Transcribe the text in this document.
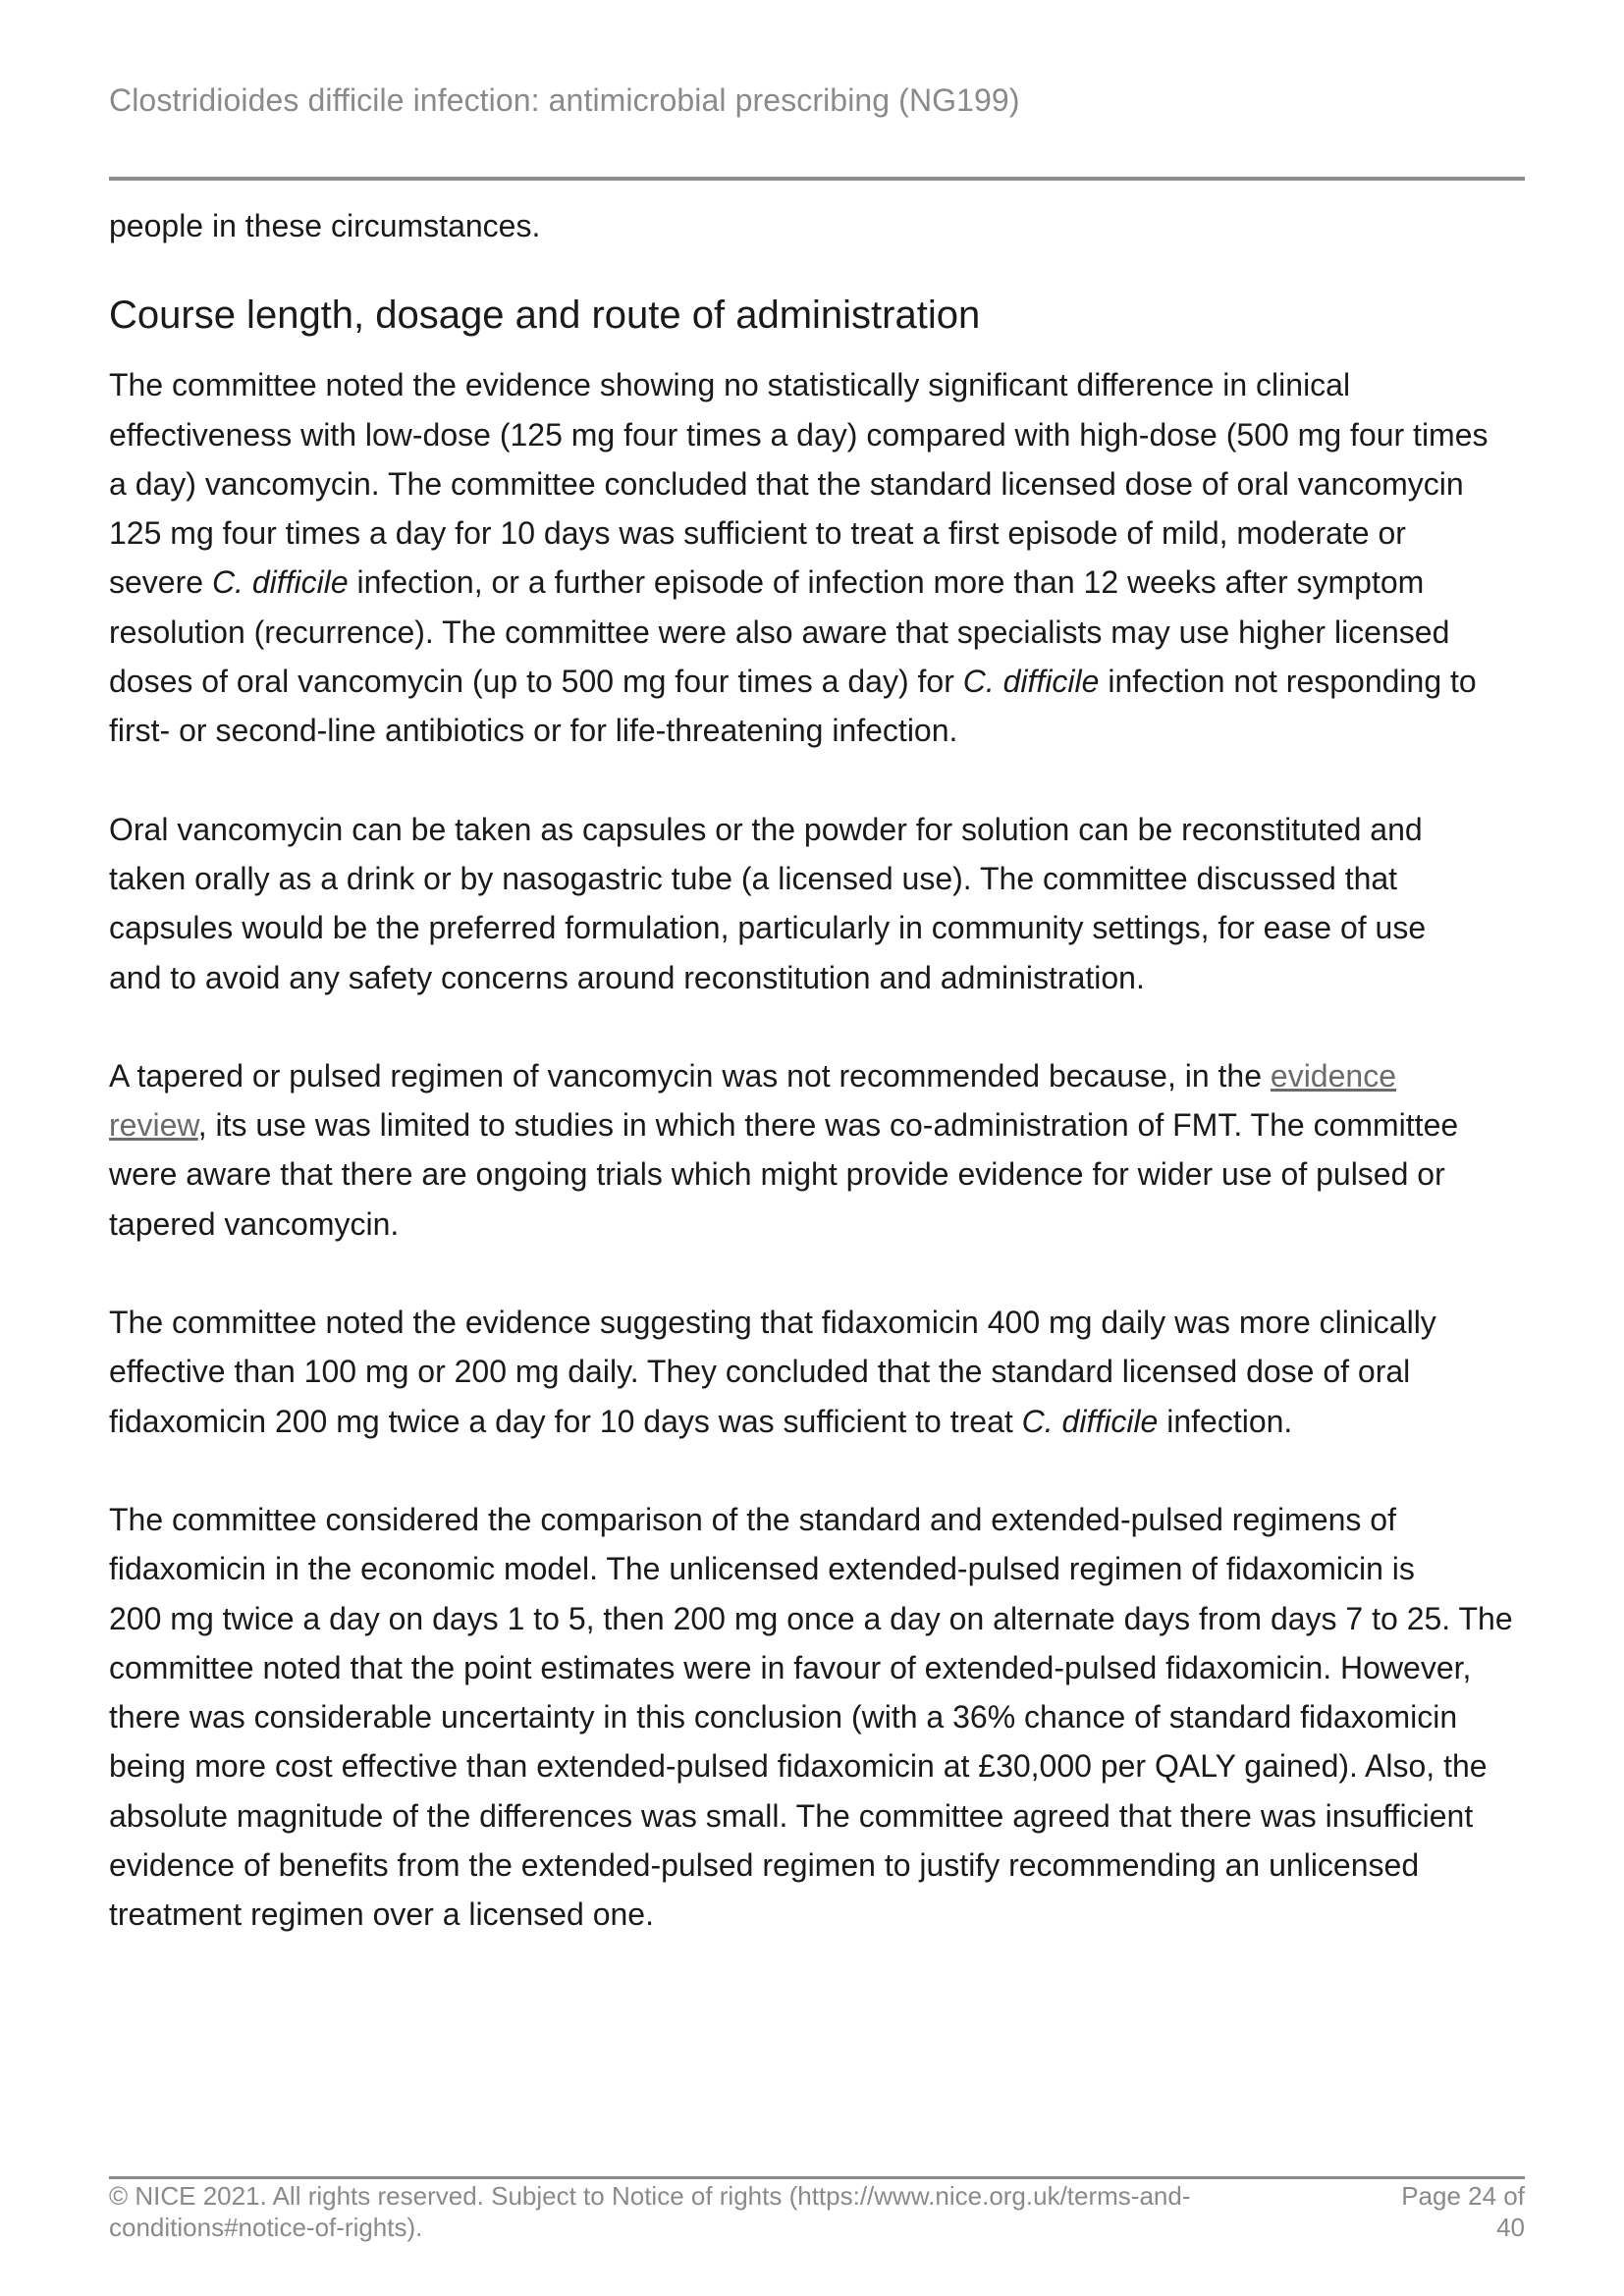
Clostridioides difficile infection: antimicrobial prescribing (NG199)

people in these circumstances.

Course length, dosage and route of administration

The committee noted the evidence showing no statistically significant difference in clinical
effectiveness with low-dose (125 mg four times a day) compared with high-dose (500 mg four times
a day) vancomycin. The committee concluded that the standard licensed dose of oral vancomycin
125 mg four times a day for 10 days was sufficient to treat a first episode of mild, moderate or
severe C. difficile infection, or a further episode of infection more than 12 weeks after symptom
resolution (recurrence). The committee were also aware that specialists may use higher licensed
doses of oral vancomycin (up to 500 mg four times a day) for C. difficile infection not responding to
first- or second-line antibiotics or for life-threatening infection.

Oral vancomycin can be taken as capsules or the powder for solution can be reconstituted and
taken orally as a drink or by nasogastric tube (a licensed use). The committee discussed that
capsules would be the preferred formulation, particularly in community settings, for ease of use
and to avoid any safety concerns around reconstitution and administration.

A tapered or pulsed regimen of vancomycin was not recommended because, in the evidence
review, its use was limited to studies in which there was co-administration of FMT. The committee
were aware that there are ongoing trials which might provide evidence for wider use of pulsed or
tapered vancomycin.

The committee noted the evidence suggesting that fidaxomicin 400 mg daily was more clinically
effective than 100 mg or 200 mg daily. They concluded that the standard licensed dose of oral
fidaxomicin 200 mg twice a day for 10 days was sufficient to treat C. difficile infection.

The committee considered the comparison of the standard and extended-pulsed regimens of
fidaxomicin in the economic model. The unlicensed extended-pulsed regimen of fidaxomicin is
200 mg twice a day on days 1 to 5, then 200 mg once a day on alternate days from days 7 to 25. The
committee noted that the point estimates were in favour of extended-pulsed fidaxomicin. However,
there was considerable uncertainty in this conclusion (with a 36% chance of standard fidaxomicin
being more cost effective than extended-pulsed fidaxomicin at £30,000 per QALY gained). Also, the
absolute magnitude of the differences was small. The committee agreed that there was insufficient
evidence of benefits from the extended-pulsed regimen to justify recommending an unlicensed
treatment regimen over a licensed one.

© NICE 2021. All rights reserved. Subject to Notice of rights (https://www.nice.org.uk/terms-and-
conditions#notice-of-rights).
Page 24 of
40
